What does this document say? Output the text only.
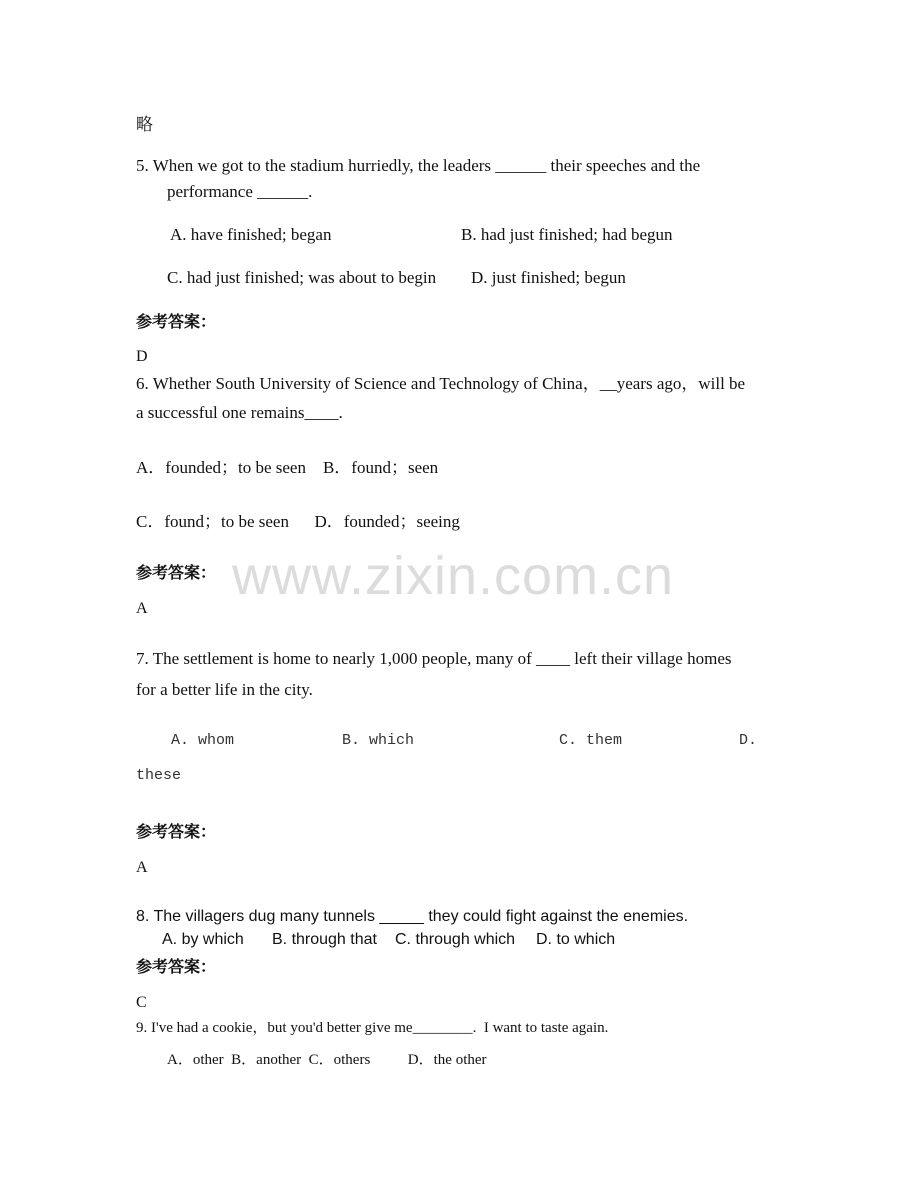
www.zixin.com.cn
略
5. When we got to the stadium hurriedly, the leaders ______ their speeches and the
performance ______.
A. have finished; began	B. had just finished; had begun
C. had just finished; was about to begin D. just finished; begun
参考答案：
D
6. Whether South University of Science and Technology of China，__years ago，will be
a successful one remains____.
A．founded；to be seen    B．found；seen
C．found；to be seen      D．founded；seeing
参考答案：
A
7. The settlement is home to nearly 1,000 people, many of ____ left their village homes
for a better life in the city.
A. whom	B. which	C. them	D.
these
参考答案：
A
8. The villagers dug many tunnels _____ they could fight against the enemies.
A. by which B. through that C. through which D. to which
参考答案：
C
9. I've had a cookie，but you'd better give me________.  I want to taste again.
A．other  B．another  C．others          D．the other
